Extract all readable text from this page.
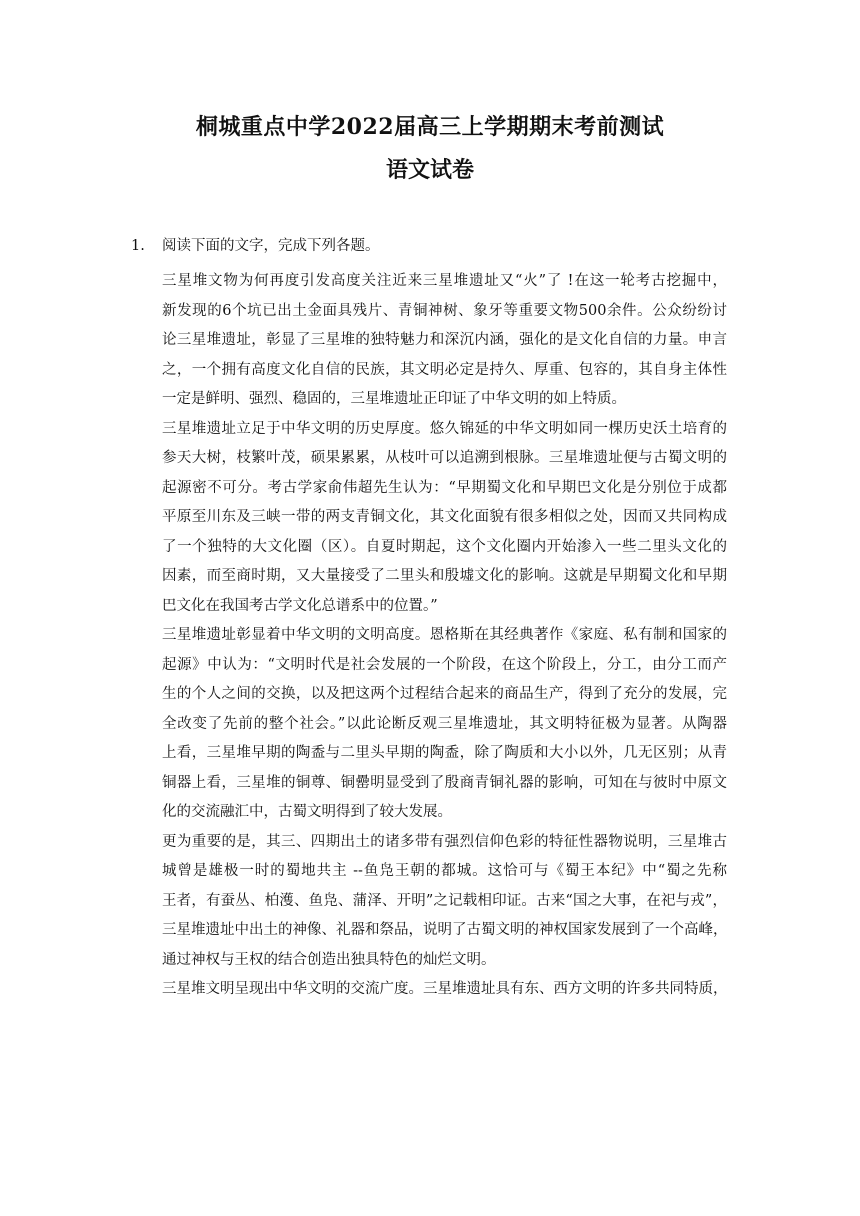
桐城重点中学2022届高三上学期期末考前测试
语文试卷
1. 阅读下面的文字，完成下列各题。
三星堆文物为何再度引发高度关注近来三星堆遗址又“火”了 !在这一轮考古挖掘中，
新发现的6个坑已出土金面具残片、青铜神树、象牙等重要文物500余件。公众纷纷讨
论三星堆遗址，彰显了三星堆的独特魅力和深沉内涵，强化的是文化自信的力量。申言
之，一个拥有高度文化自信的民族，其文明必定是持久、厚重、包容的，其自身主体性
一定是鲜明、强烈、稳固的，三星堆遗址正印证了中华文明的如上特质。
三星堆遗址立足于中华文明的历史厚度。悠久锦延的中华文明如同一棵历史沃土培育的
参天大树，枝繁叶茂，硕果累累，从枝叶可以追溯到根脉。三星堆遗址便与古蜀文明的
起源密不可分。考古学家俞伟超先生认为：“早期蜀文化和早期巴文化是分别位于成都
平原至川东及三峡一带的两支青铜文化，其文化面貌有很多相似之处，因而又共同构成
了一个独特的大文化圈（区）。自夏时期起，这个文化圈内开始渗入一些二里头文化的
因素，而至商时期，又大量接受了二里头和殷墟文化的影响。这就是早期蜀文化和早期
巴文化在我国考古学文化总谱系中的位置。”
三星堆遗址彰显着中华文明的文明高度。恩格斯在其经典著作《家庭、私有制和国家的
起源》中认为：“文明时代是社会发展的一个阶段，在这个阶段上，分工，由分工而产
生的个人之间的交换，以及把这两个过程结合起来的商品生产，得到了充分的发展，完
全改变了先前的整个社会。”以此论断反观三星堆遗址，其文明特征极为显著。从陶器
上看，三星堆早期的陶盉与二里头早期的陶盉，除了陶质和大小以外，几无区别；从青
铜器上看，三星堆的铜尊、铜罍明显受到了殷商青铜礼器的影响，可知在与彼时中原文
化的交流融汇中，古蜀文明得到了较大发展。
更为重要的是，其三、四期出土的诸多带有强烈信仰色彩的特征性器物说明，三星堆古
城曾是雄极一时的蜀地共主 --鱼凫王朝的都城。这恰可与《蜀王本纪》中“蜀之先称
王者，有蚕丛、柏濩、鱼凫、蒲泽、开明”之记载相印证。古来“国之大事，在祀与戎”，
三星堆遗址中出土的神像、礼器和祭品，说明了古蜀文明的神权国家发展到了一个高峰，
通过神权与王权的结合创造出独具特色的灿烂文明。
三星堆文明呈现出中华文明的交流广度。三星堆遗址具有东、西方文明的许多共同特质，
